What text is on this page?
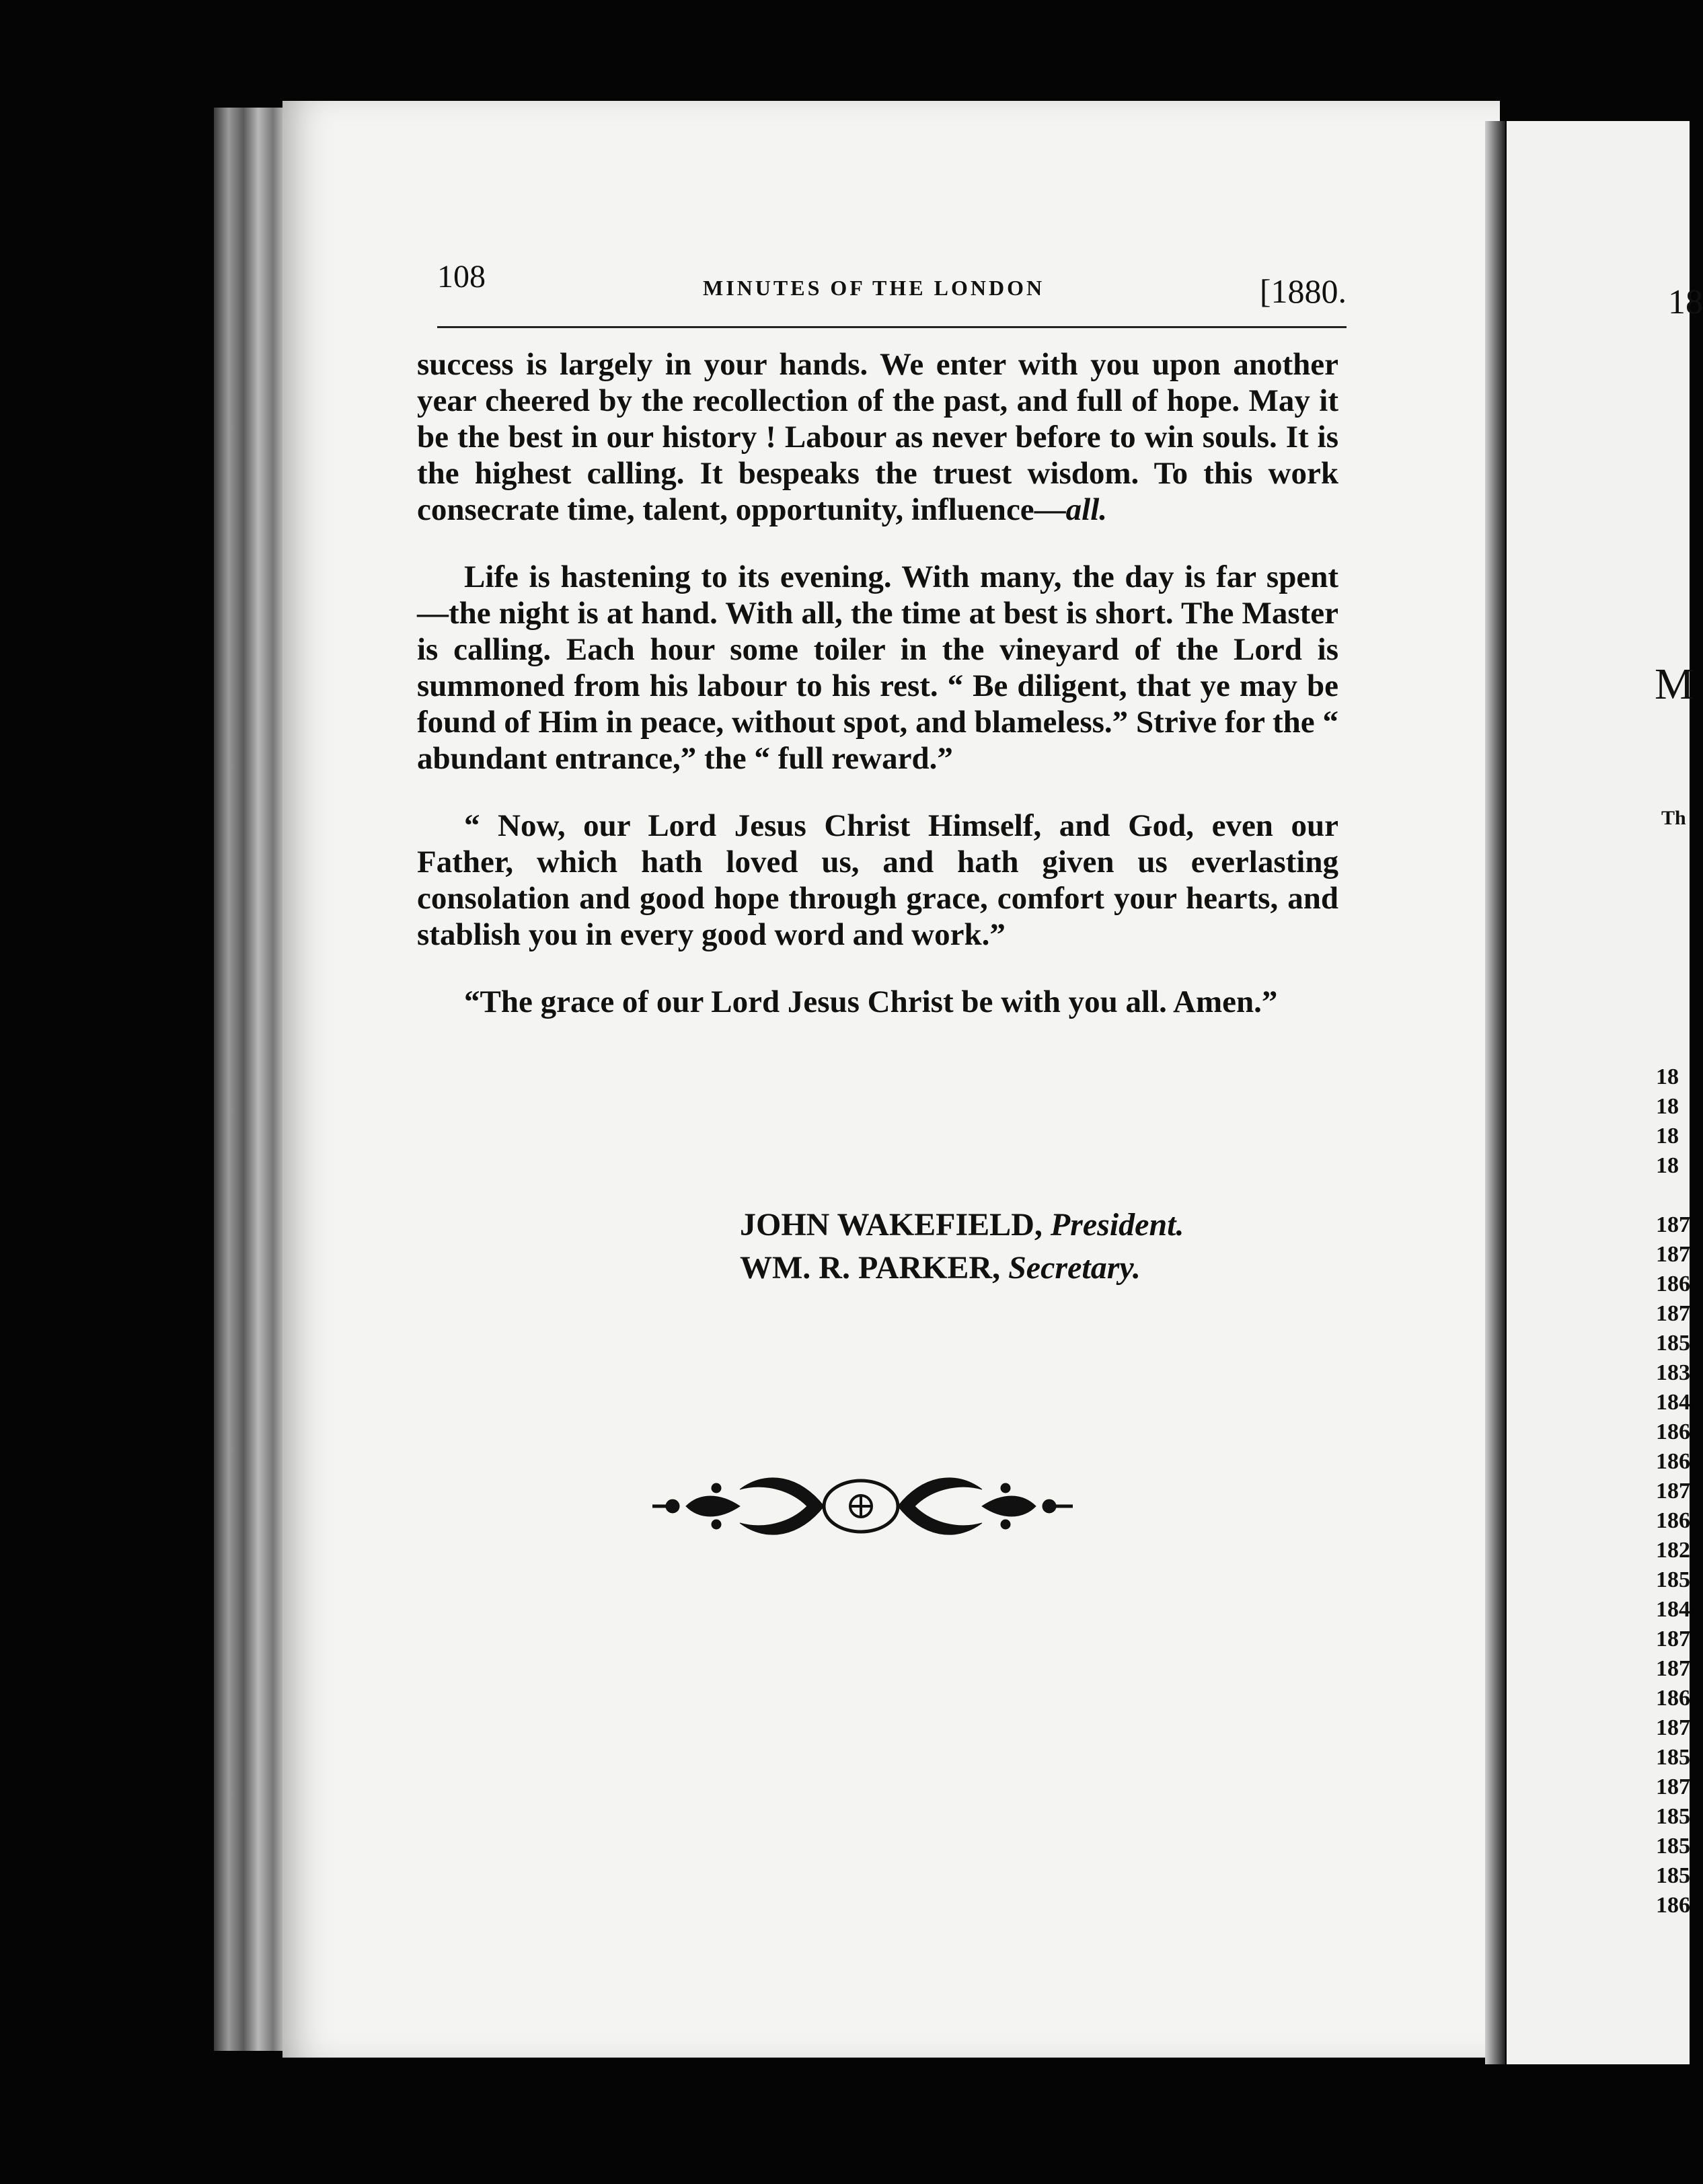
18
M
Th
18
18
18
18

187
187
186
187
185
183
184
186
186
187
186
182
185
184
187
187
186
187
185
187
185
185
185
186
108	MINUTES OF THE LONDON	[1880.

success is largely in your hands. We enter with you upon another year cheered by the recollection of the past, and full of hope. May it be the best in our history ! Labour as never before to win souls. It is the highest calling. It bespeaks the truest wisdom. To this work consecrate time, talent, opportunity, influence—all.

Life is hastening to its evening. With many, the day is far spent—the night is at hand. With all, the time at best is short. The Master is calling. Each hour some toiler in the vineyard of the Lord is summoned from his labour to his rest. “ Be diligent, that ye may be found of Him in peace, without spot, and blameless.” Strive for the “ abundant entrance,” the “ full reward.”

“ Now, our Lord Jesus Christ Himself, and God, even our Father, which hath loved us, and hath given us everlasting consolation and good hope through grace, comfort your hearts, and stablish you in every good word and work.”

“The grace of our Lord Jesus Christ be with you all. Amen.”

JOHN WAKEFIELD, President.
WM. R. PARKER, Secretary.
